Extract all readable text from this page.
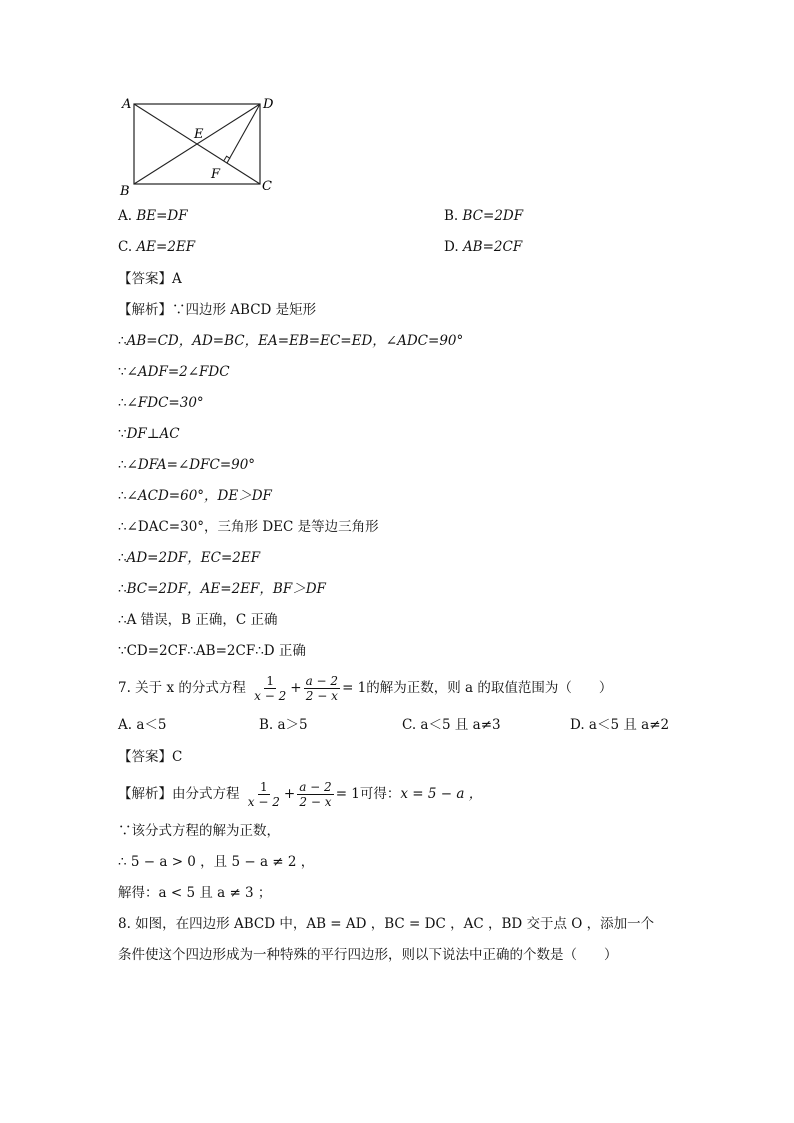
A	D
B	C
E
F
A. BE=DF	B. BC=2DF
C. AE=2EF	D. AB=2CF
【答案】A
【解析】∵四边形 ABCD 是矩形
∴AB=CD，AD=BC，EA=EB=EC=ED，∠ADC=90°
∵∠ADF=2∠FDC
∴∠FDC=30°
∵DF⊥AC
∴∠DFA=∠DFC=90°
∴∠ACD=60°，DE＞DF
∴∠DAC=30°，三角形 DEC 是等边三角形
∴AD=2DF，EC=2EF
∴BC=2DF，AE=2EF，BF＞DF
∴A 错误，B 正确，C 正确
∵CD=2CF∴AB=2CF∴D 正确
7. 关于 x 的分式方程 $\frac{1}{x - 2} + \frac{a - 2}{2 - x} = 1$的解为正数，则 a 的取值范围为（　　）
A. a＜5	B. a＞5	C. a＜5 且 a≠3	D. a＜5 且 a≠2
【答案】C
【解析】由分式方程 $\frac{1}{x - 2} + \frac{a - 2}{2 - x} = 1$可得：x = 5 − a ，
∵该分式方程的解为正数，
∴ 5 − a > 0 ，且 5 − a ≠ 2 ，
解得：a < 5 且 a ≠ 3 ；
8. 如图，在四边形 ABCD 中，AB = AD ，BC = DC ，AC ，BD 交于点 O ，添加一个
条件使这个四边形成为一种特殊的平行四边形，则以下说法中正确的个数是（　　）
